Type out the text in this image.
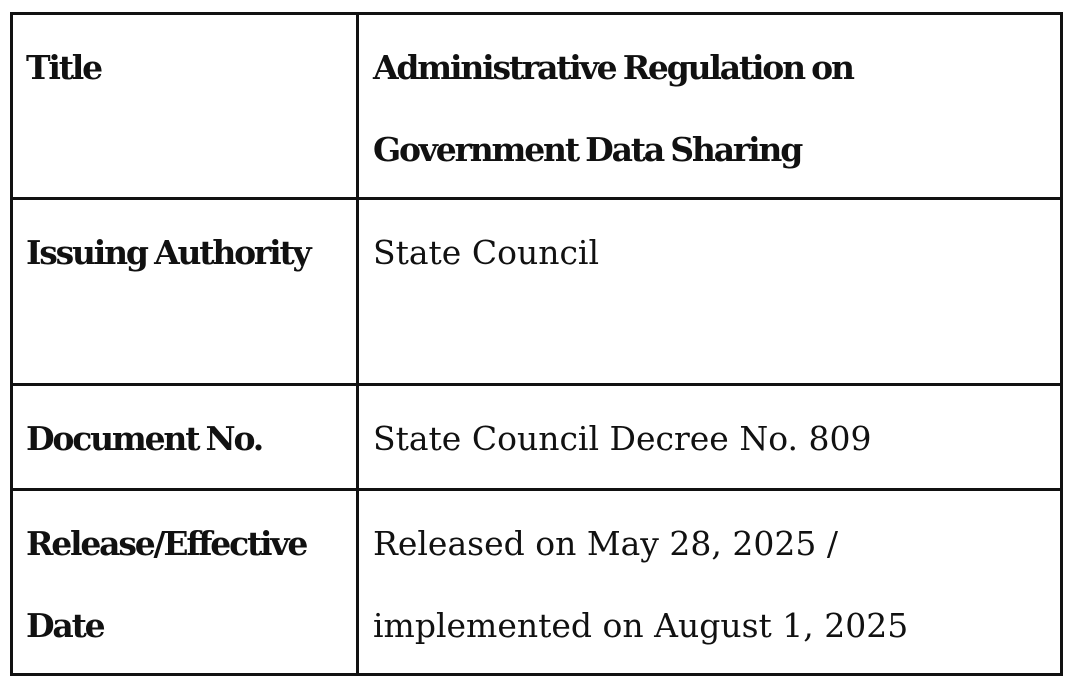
Title	Administrative Regulation on Government Data Sharing
Issuing Authority	State Council
Document No.	State Council Decree No. 809
Release/Effective Date	Released on May 28, 2025 / implemented on August 1, 2025
